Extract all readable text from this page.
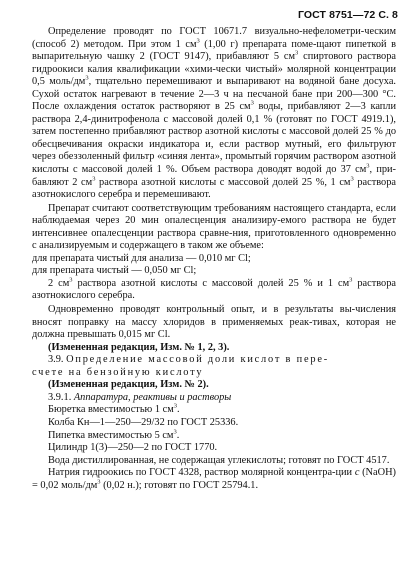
ГОСТ 8751—72 С. 8

Определение проводят по ГОСТ 10671.7 визуально-нефелометри-ческим (способ 2) методом. При этом 1 $см^3$ (1,00 г) препарата поме-щают пипеткой в выпарительную чашку 2 (ГОСТ 9147), прибавляют 5 $см^3$ спиртового раствора гидроокиси калия квалификации «хими-чески чистый» молярной концентрации 0,5 моль/$дм^3$, тщательно перемешивают и выпаривают на водяной бане досуха. Сухой остаток нагревают в течение 2—3 ч на песчаной бане при 200—300 °С. После охлаждения остаток растворяют в 25 $см^3$ воды, прибавляют 2—3 капли раствора 2,4-динитрофенола с массовой долей 0,1 % (готовят по ГОСТ 4919.1), затем постепенно прибавляют раствор азотной кислоты с массовой долей 25 % до обесцвечивания окраски индикатора и, если раствор мутный, его фильтруют через обеззоленный фильтр «синяя лента», промытый горячим раствором азотной кислоты с массовой долей 1 %. Объем раствора доводят водой до 37 $см^3$, при-бавляют 2 $см^3$ раствора азотной кислоты с массовой долей 25 %, 1 $см^3$ раствора азотнокислого серебра и перемешивают.

Препарат считают соответствующим требованиям настоящего стандарта, если наблюдаемая через 20 мин опалесценция анализиру-емого раствора не будет интенсивнее опалесценции раствора сравне-ния, приготовленного одновременно с анализируемым и содержащего в таком же объеме:

для препарата чистый для анализа — 0,010 мг Cl;

для препарата чистый — 0,050 мг Cl;

2 $см^3$ раствора азотной кислоты с массовой долей 25 % и 1 $см^3$ раствора азотнокислого серебра.

Одновременно проводят контрольный опыт, и в результаты вы-числения вносят поправку на массу хлоридов в применяемых реак-тивах, которая не должна превышать 0,015 мг Cl.

(Измененная редакция, Изм. № 1, 2, 3).

3.9. Определение массовой доли кислот в пере-
счете на бензойную кислоту

(Измененная редакция, Изм. № 2).

3.9.1. Аппаратура, реактивы и растворы

Бюретка вместимостью 1 $см^3$.

Колба Кн—1—250—29/32 по ГОСТ 25336.

Пипетка вместимостью 5 $см^3$.

Цилиндр 1(3)—250—2 по ГОСТ 1770.

Вода дистиллированная, не содержащая углекислоты; готовят по ГОСТ 4517.

Натрия гидроокись по ГОСТ 4328, раствор молярной концентра-ции с (NaOH) = 0,02 моль/$дм^3$ (0,02 н.); готовят по ГОСТ 25794.1.
